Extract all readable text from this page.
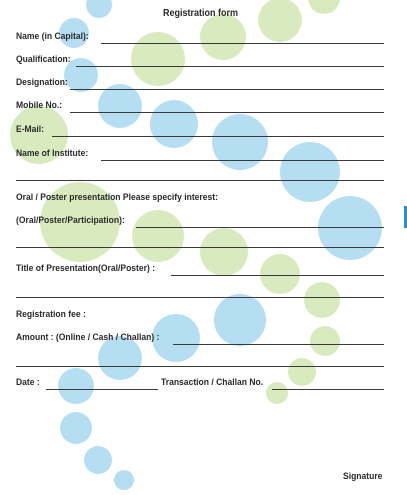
Registration form
Name (in Capital):
Qualification:
Designation:
Mobile No.:
E-Mail:
Name of Institute:
Oral / Poster presentation Please specify interest:
(Oral/Poster/Participation):
Title of Presentation(Oral/Poster) :
Registration fee :
Amount : (Online / Cash / Challan) :
Date :	Transaction / Challan No.
Signature
